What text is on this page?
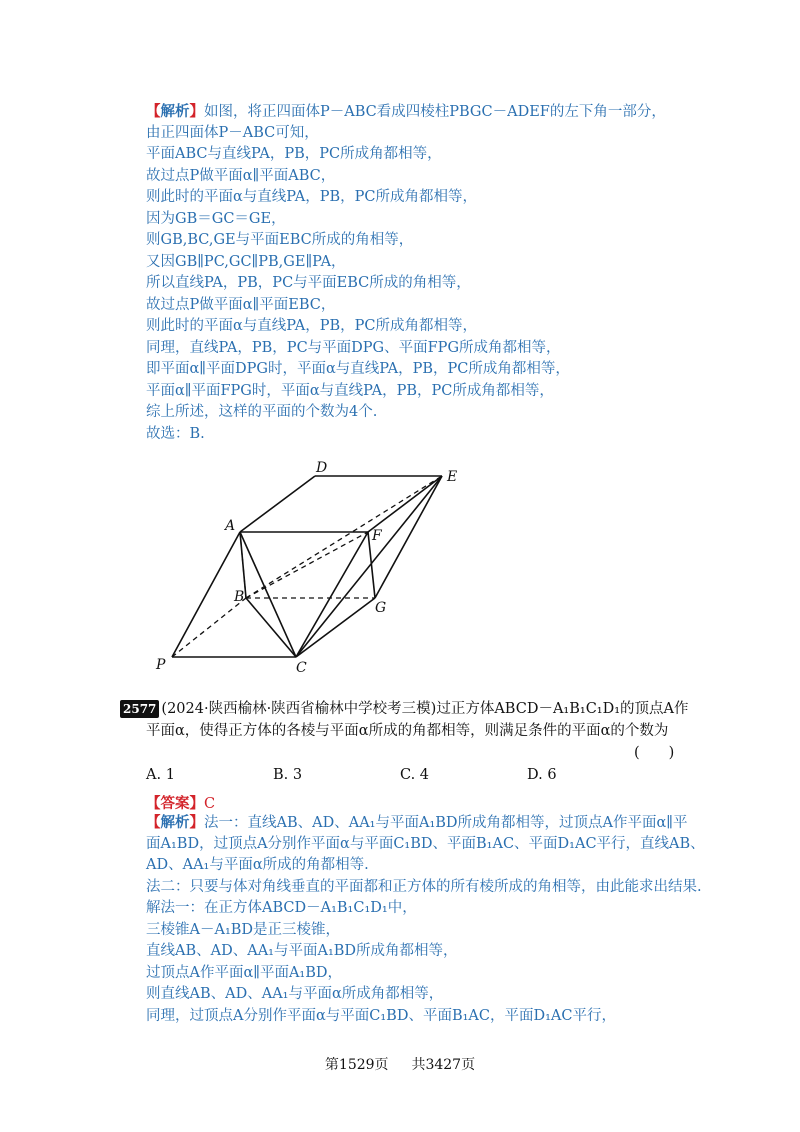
【解析】如图，将正四面体P－ABC看成四棱柱PBGC－ADEF的左下角一部分，
由正四面体P－ABC可知，
平面ABC与直线PA，PB，PC所成角都相等，
故过点P做平面α∥平面ABC，
则此时的平面α与直线PA，PB，PC所成角都相等，
因为GB＝GC＝GE，
则GB,BC,GE与平面EBC所成的角相等，
又因GB∥PC,GC∥PB,GE∥PA，
所以直线PA，PB，PC与平面EBC所成的角相等，
故过点P做平面α∥平面EBC，
则此时的平面α与直线PA，PB，PC所成角都相等，
同理，直线PA，PB，PC与平面DPG、平面FPG所成角都相等，
即平面α∥平面DPG时，平面α与直线PA，PB，PC所成角都相等，
平面α∥平面FPG时，平面α与直线PA，PB，PC所成角都相等，
综上所述，这样的平面的个数为4个.
故选：B.
D
E
A
F
B
G
P	C
2577 (2024·陕西榆林·陕西省榆林中学校考三模)过正方体ABCD－A₁B₁C₁D₁的顶点A作
平面α，使得正方体的各棱与平面α所成的角都相等，则满足条件的平面α的个数为
(　　)
A. 1	B. 3	C. 4	D. 6
【答案】C
【解析】法一：直线AB、AD、AA₁与平面A₁BD所成角都相等，过顶点A作平面α∥平
面A₁BD，过顶点A分别作平面α与平面C₁BD、平面B₁AC、平面D₁AC平行，直线AB、
AD、AA₁与平面α所成的角都相等.
法二：只要与体对角线垂直的平面都和正方体的所有棱所成的角相等，由此能求出结果.
解法一：在正方体ABCD－A₁B₁C₁D₁中，
三棱锥A－A₁BD是正三棱锥，
直线AB、AD、AA₁与平面A₁BD所成角都相等，
过顶点A作平面α∥平面A₁BD，
则直线AB、AD、AA₁与平面α所成角都相等，
同理，过顶点A分别作平面α与平面C₁BD、平面B₁AC，平面D₁AC平行，
第1529页 共3427页
